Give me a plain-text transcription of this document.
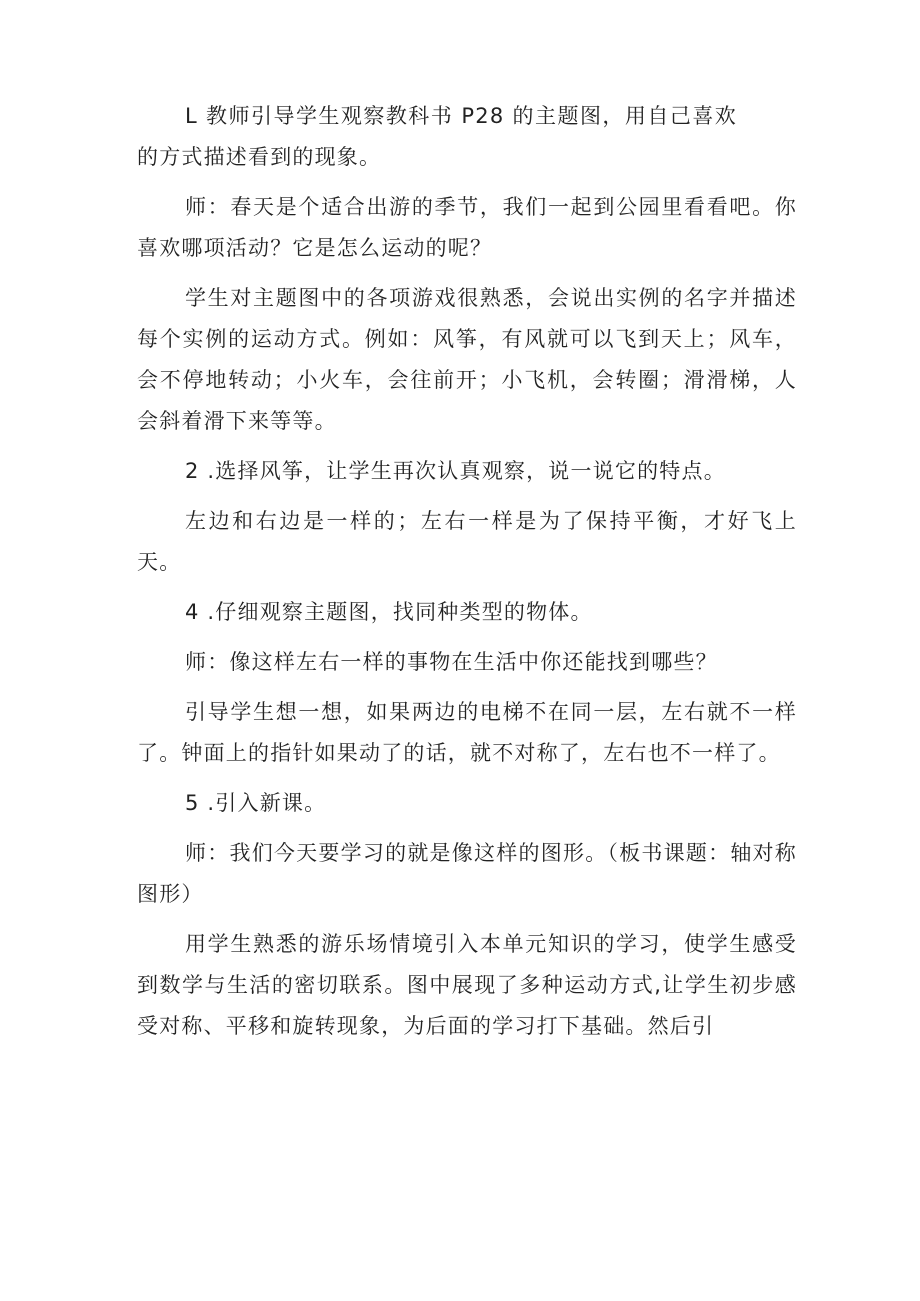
L 教师引导学生观察教科书 P28 的主题图，用自己喜欢的方式描述看到的现象。

师：春天是个适合出游的季节，我们一起到公园里看看吧。你喜欢哪项活动？它是怎么运动的呢？

学生对主题图中的各项游戏很熟悉，会说出实例的名字并描述每个实例的运动方式。例如：风筝，有风就可以飞到天上；风车，会不停地转动；小火车，会往前开；小飞机，会转圈；滑滑梯，人会斜着滑下来等等。

2 .选择风筝，让学生再次认真观察，说一说它的特点。

左边和右边是一样的；左右一样是为了保持平衡，才好飞上天。

4 .仔细观察主题图，找同种类型的物体。

师：像这样左右一样的事物在生活中你还能找到哪些？

引导学生想一想，如果两边的电梯不在同一层，左右就不一样了。钟面上的指针如果动了的话，就不对称了，左右也不一样了。

5 .引入新课。

师：我们今天要学习的就是像这样的图形。（板书课题：轴对称图形）

用学生熟悉的游乐场情境引入本单元知识的学习，使学生感受到数学与生活的密切联系。图中展现了多种运动方式,让学生初步感受对称、平移和旋转现象，为后面的学习打下基础。然后引
